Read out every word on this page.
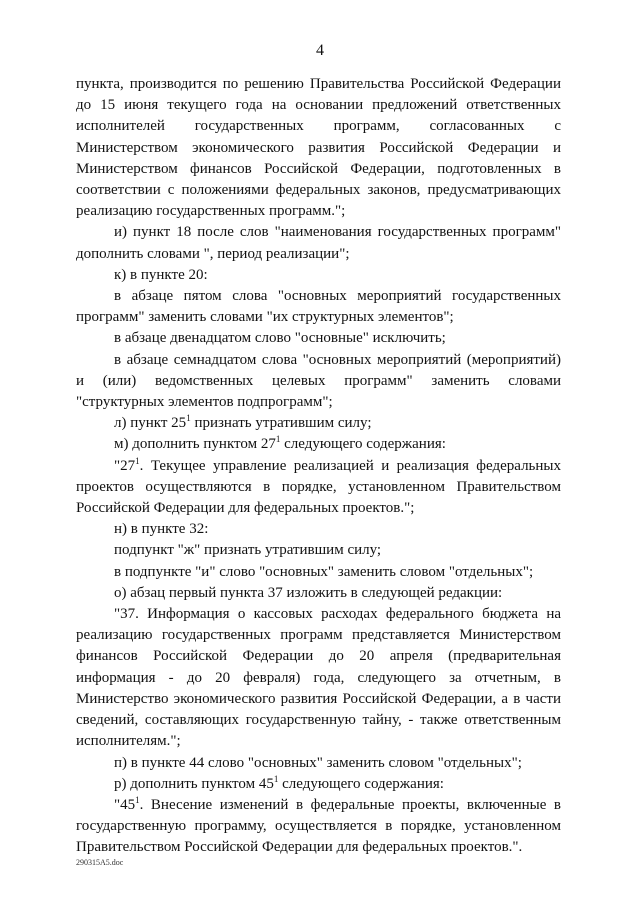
4

пункта, производится по решению Правительства Российской Федерации до 15 июня текущего года на основании предложений ответственных исполнителей государственных программ, согласованных с Министерством экономического развития Российской Федерации и Министерством финансов Российской Федерации, подготовленных в соответствии с положениями федеральных законов, предусматривающих реализацию государственных программ.";

и) пункт 18 после слов "наименования государственных программ" дополнить словами ", период реализации";

к) в пункте 20:

в абзаце пятом слова "основных мероприятий государственных программ" заменить словами "их структурных элементов";

в абзаце двенадцатом слово "основные" исключить;

в абзаце семнадцатом слова "основных мероприятий (мероприятий) и (или) ведомственных целевых программ" заменить словами "структурных элементов подпрограмм";

л) пункт $25^1$ признать утратившим силу;

м) дополнить пунктом $27^1$ следующего содержания:

"$27^1$. Текущее управление реализацией и реализация федеральных проектов осуществляются в порядке, установленном Правительством Российской Федерации для федеральных проектов.";

н) в пункте 32:

подпункт "ж" признать утратившим силу;

в подпункте "и" слово "основных" заменить словом "отдельных";

о) абзац первый пункта 37 изложить в следующей редакции:

"37. Информация о кассовых расходах федерального бюджета на реализацию государственных программ представляется Министерством финансов Российской Федерации до 20 апреля (предварительная информация - до 20 февраля) года, следующего за отчетным, в Министерство экономического развития Российской Федерации, а в части сведений, составляющих государственную тайну, - также ответственным исполнителям.";

п) в пункте 44 слово "основных" заменить словом "отдельных";

р) дополнить пунктом $45^1$ следующего содержания:

"$45^1$. Внесение изменений в федеральные проекты, включенные в государственную программу, осуществляется в порядке, установленном Правительством Российской Федерации для федеральных проектов.".

290315А5.doc
